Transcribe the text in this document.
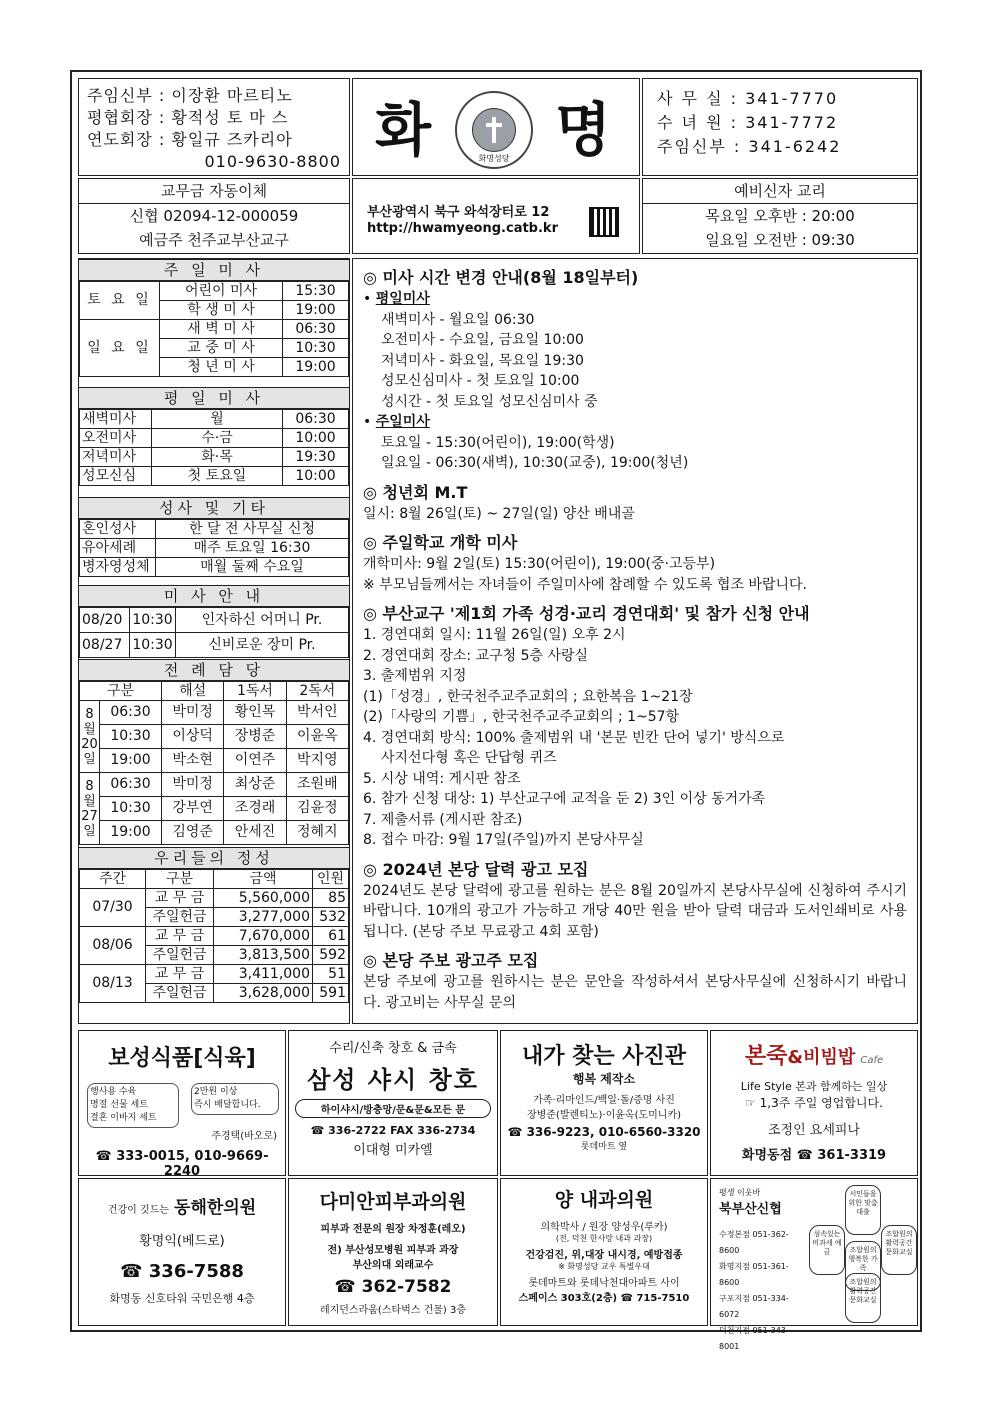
주임신부 : 이장환 마르티노
평협회장 : 황적성 토 마 스
연도회장 : 황일규 즈카리아
010-9630-8800 화	화명성당 명	사 무 실 : 341-7770
수 녀 원 : 341-7772
주임신부 : 341-6242
교무금 자동이체
신협 02094-12-000059
예금주 천주교부산교구
부산광역시 북구 와석장터로 12
http://hwamyeong.catb.kr
예비신자 교리
목요일 오후반 : 20:00
일요일 오전반 : 09:30
주 일 미 사
토 요 일	어린이 미사	15:30
	학 생 미 사	19:00
일 요 일	새 벽 미 사	06:30
	교 중 미 사	10:30
	청 년 미 사	19:00
평 일 미 사
새벽미사	월	06:30
오전미사	수·금	10:00
저녁미사	화·목	19:30
성모신심	첫 토요일	10:00
성사 및 기타
혼인성사	한 달 전 사무실 신청
유아세례	매주 토요일 16:30
병자영성체	매월 둘째 수요일
미 사 안 내
08/20	10:30	인자하신 어머니 Pr.
08/27	10:30	신비로운 장미 Pr.
전 례 담 당
구분		해설	1독서	2독서
8월20일	06:30	박미정	황인목	박서인
	10:30	이상덕	장병준	이윤옥
	19:00	박소현	이연주	박지영
8월27일	06:30	박미정	최상준	조원배
	10:30	강부연	조경래	김윤정
	19:00	김영준	안세진	정혜지
우리들의 정성
주간	구분	금액	인원
07/30	교 무 금	5,560,000	85
	주일헌금	3,277,000	532
08/06	교 무 금	7,670,000	61
	주일헌금	3,813,500	592
08/13	교 무 금	3,411,000	51
	주일헌금	3,628,000	591
◎ 미사 시간 변경 안내(8월 18일부터)

• 평일미사

새벽미사 - 월요일 06:30

오전미사 - 수요일, 금요일 10:00

저녁미사 - 화요일, 목요일 19:30

성모신심미사 - 첫 토요일 10:00

성시간 - 첫 토요일 성모신심미사 중

• 주일미사

토요일 - 15:30(어린이), 19:00(학생)

일요일 - 06:30(새벽), 10:30(교중), 19:00(청년)

◎ 청년회 M.T

일시: 8월 26일(토) ~ 27일(일) 양산 배내골

◎ 주일학교 개학 미사

개학미사: 9월 2일(토) 15:30(어린이), 19:00(중·고등부)

※ 부모님들께서는 자녀들이 주일미사에 참례할 수 있도록 협조 바랍니다.

◎ 부산교구 '제1회 가족 성경·교리 경연대회' 및 참가 신청 안내

1. 경연대회 일시: 11월 26일(일) 오후 2시

2. 경연대회 장소: 교구청 5층 사랑실

3. 출제범위 지정

(1)「성경」, 한국천주교주교회의 ; 요한복음 1~21장

(2)「사랑의 기쁨」, 한국천주교주교회의 ; 1~57항

4. 경연대회 방식: 100% 출제범위 내 '본문 빈칸 단어 넣기' 방식으로

사지선다형 혹은 단답형 퀴즈

5. 시상 내역: 게시판 참조

6. 참가 신청 대상: 1) 부산교구에 교적을 둔 2) 3인 이상 동거가족

7. 제출서류 (게시판 참조)

8. 접수 마감: 9월 17일(주일)까지 본당사무실

◎ 2024년 본당 달력 광고 모집

2024년도 본당 달력에 광고를 원하는 분은 8월 20일까지 본당사무실에 신청하여 주시기 바랍니다. 10개의 광고가 가능하고 개당 40만 원을 받아 달력 대금과 도서인쇄비로 사용됩니다. (본당 주보 무료광고 4회 포함)

◎ 본당 주보 광고주 모집

본당 주보에 광고를 원하시는 분은 문안을 작성하셔서 본당사무실에 신청하시기 바랍니다. 광고비는 사무실 문의

보성식품[식육]
행사용 수육
명절 선물 세트
결혼 이바지 세트
2만원 이상
즉시 배달합니다.
주경택(바오로)
☎ 333-0015, 010-9669-2240
수리/신축 창호 & 금속
삼성 샤시 창호
하이샤시/방충망/문&문&모든 문
☎ 336-2722 FAX 336-2734
이대형 미카엘
내가 찾는 사진관
행복 제작소
가족·리마인드/백일·돌/증명 사진
장병준(발렌티노)·이윤옥(도미니카)
☎ 336-9223, 010-6560-3320
롯데마트 옆
본죽&비빔밥 Cafe
Life Style 본과 함께하는 일상
☞ 1,3주 주일 영업합니다.
조정인 요세피나
화명동점 ☎ 361-3319
건강이 깃드는 동해한의원
황명익(베드로)
☎ 336-7588
화명동 신호타워 국민은행 4층
다미안피부과의원
피부과 전문의 원장 차정훈(레오)
전) 부산성모병원 피부과 과장
부산의대 외래교수
☎ 362-7582
레지던스라움(스타벅스 건물) 3층
양 내과의원
의학박사 / 원장 양성우(루카)
(전, 덕천 한사랑 내과 과장)
건강검진, 위,대장 내시경, 예방접종
※ 화명성당 교우 특별우대
롯데마트와 롯데낙천대아파트 사이
스페이스 303호(2층) ☎ 715-7510
평생 이웃바
북부산신협
수정본점 051-362-8600
화명지점 051-361-8600
구포지점 051-334-6072
덕천지점 051-343-8001
서민들을 위한 맞춤대출
섬속있는 비과세 예금
조합원의 활력공간 문화교실
조합원의 행복한 가족
조합원의 활력공간 문화교실
